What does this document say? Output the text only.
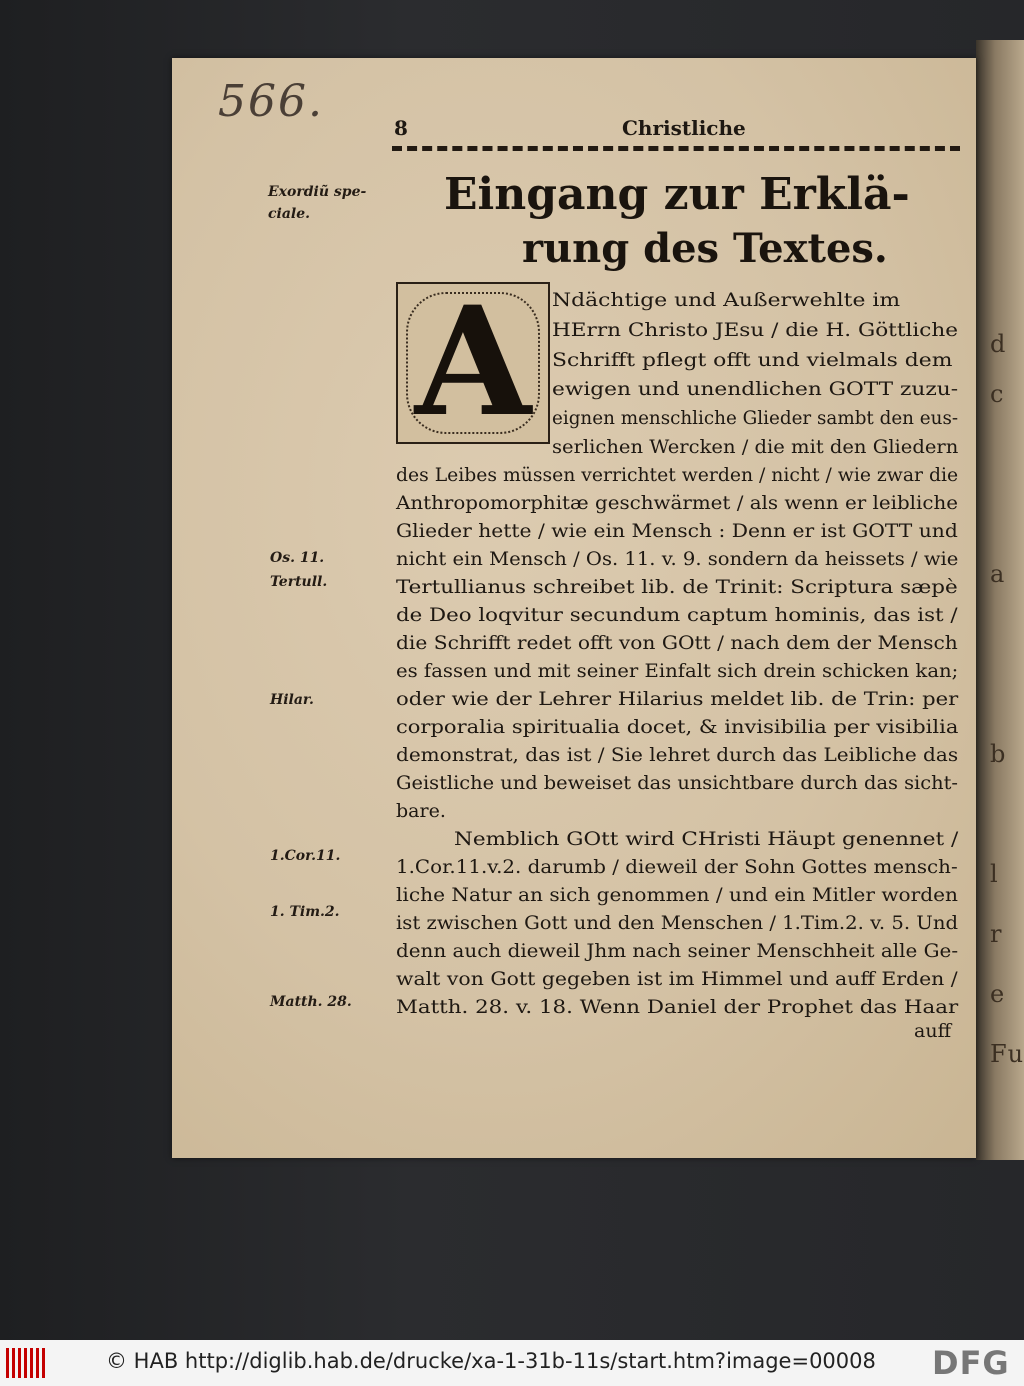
d
c
a
b
l
r
e
Fu
566.
8	Christliche
Eingang zur Erklä-
rung des Textes.
Exordiũ spe-
ciale.
Os. 11.
Tertull.
Hilar.
1.Cor.11.
1. Tim.2.
Matth. 28.
A	Ndächtige und Außerwehlte im
HErrn Christo JEsu / die H. Göttliche
Schrifft pflegt offt und vielmals dem
ewigen und unendlichen GOTT zuzu-
eignen menschliche Glieder sambt den eus-
serlichen Wercken / die mit den Gliedern
des Leibes müssen verrichtet werden / nicht / wie zwar die
Anthropomorphitæ geschwärmet / als wenn er leibliche
Glieder hette / wie ein Mensch : Denn er ist GOTT und
nicht ein Mensch / Os. 11. v. 9. sondern da heissets / wie
Tertullianus schreibet lib. de Trinit: Scriptura sæpè
de Deo loqvitur secundum captum hominis, das ist /
die Schrifft redet offt von GOtt / nach dem der Mensch
es fassen und mit seiner Einfalt sich drein schicken kan;
oder wie der Lehrer Hilarius meldet lib. de Trin: per
corporalia spiritualia docet, & invisibilia per visibilia
demonstrat, das ist / Sie lehret durch das Leibliche das
Geistliche und beweiset das unsichtbare durch das sicht-
bare.
Nemblich GOtt wird CHristi Häupt genennet /
1.Cor.11.v.2. darumb / dieweil der Sohn Gottes mensch-
liche Natur an sich genommen / und ein Mitler worden
ist zwischen Gott und den Menschen / 1.Tim.2. v. 5. Und
denn auch dieweil Jhm nach seiner Menschheit alle Ge-
walt von Gott gegeben ist im Himmel und auff Erden /
Matth. 28. v. 18. Wenn Daniel der Prophet das Haar
auff
© HAB http://diglib.hab.de/drucke/xa-1-31b-11s/start.htm?image=00008 DFG
